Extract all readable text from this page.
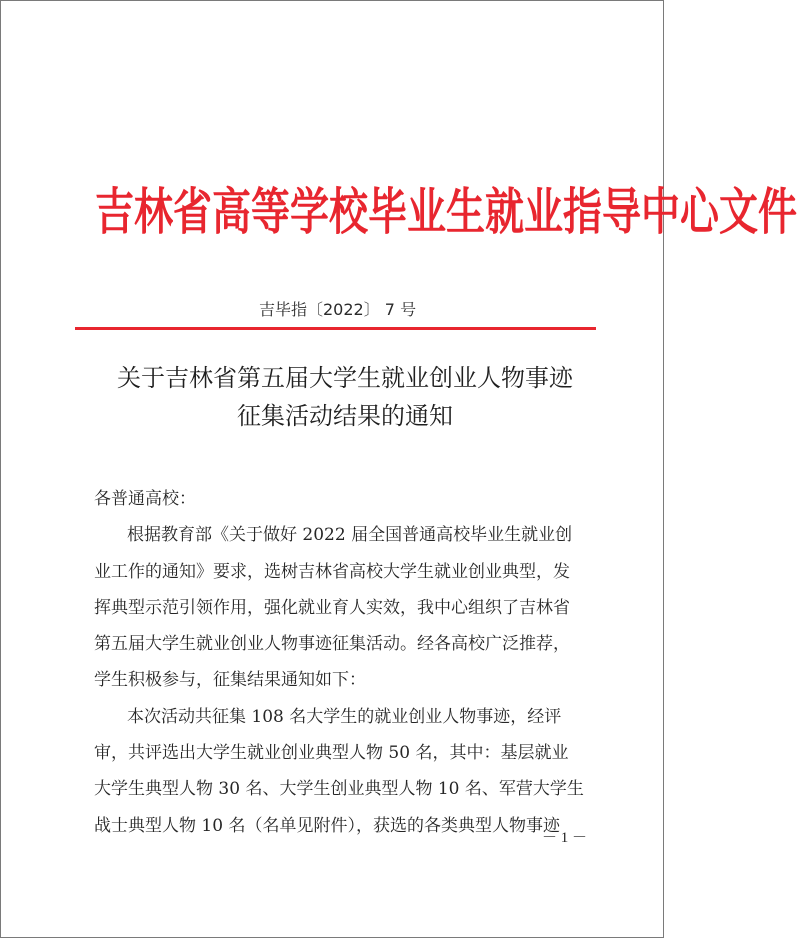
吉林省高等学校毕业生就业指导中心文件

吉毕指〔2022〕 7 号

关于吉林省第五届大学生就业创业人物事迹
征集活动结果的通知

各普通高校：

根据教育部《关于做好 2022 届全国普通高校毕业生就业创
业工作的通知》要求，选树吉林省高校大学生就业创业典型，发
挥典型示范引领作用，强化就业育人实效，我中心组织了吉林省
第五届大学生就业创业人物事迹征集活动。经各高校广泛推荐，
学生积极参与，征集结果通知如下：

本次活动共征集 108 名大学生的就业创业人物事迹，经评
审，共评选出大学生就业创业典型人物 50 名，其中：基层就业
大学生典型人物 30 名、大学生创业典型人物 10 名、军营大学生
战士典型人物 10 名（名单见附件），获选的各类典型人物事迹

－ 1 －
